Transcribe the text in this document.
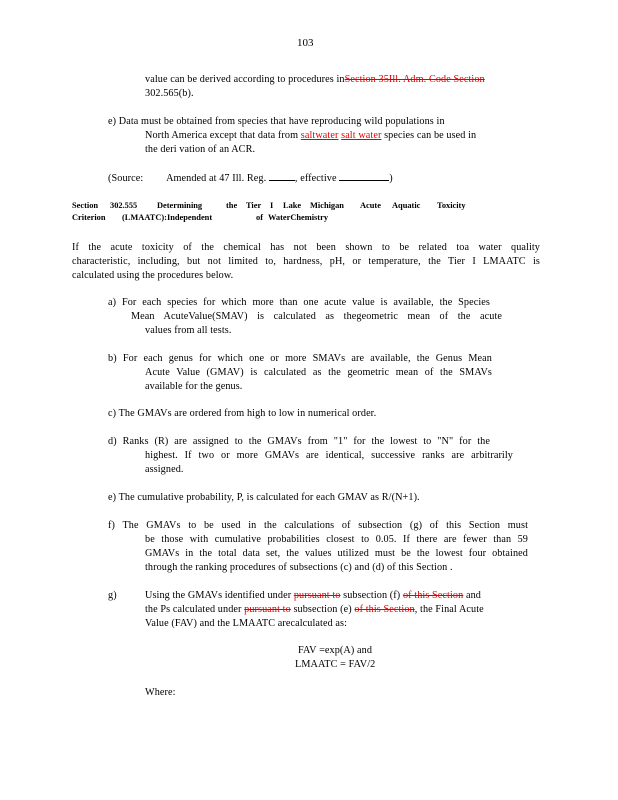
103
value can be derived according to procedures inSection 35Ill. Adm. Code Section
302.565(b).
e) Data must be obtained from species that have reproducing wild populations in
North America except that data from saltwater salt water species can be used in
the deri vation of an ACR.
(Source: Amended at 47 Ill. Reg.	, effective	)
Section 302.555 Determining	the Tier I Lake Michigan Acute Aquatic Toxicity
Criterion (LMAATC):Independent	of WaterChemistry
If the acute toxicity of the chemical has not been shown to be related toa water quality
characteristic, including, but not limited to, hardness, pH, or temperature, the Tier I LMAATC is
calculated using the procedures below.
a) For each species for which more than one acute value is available, the Species
Mean AcuteValue(SMAV) is calculated as thegeometric mean of the acute
values from all tests.
b) For each genus for which one or more SMAVs are available, the Genus Mean
Acute Value (GMAV) is calculated as the geometric mean of the SMAVs
available for the genus.
c) The GMAVs are ordered from high to low in numerical order.
d) Ranks (R) are assigned to the GMAVs from "1" for the lowest to "N" for the
highest. If two or more GMAVs are identical, successive ranks are arbitrarily
assigned.
e) The cumulative probability, P, is calculated for each GMAV as R/(N+1).
f) The GMAVs to be used in the calculations of subsection (g) of this Section must
be those with cumulative probabilities closest to 0.05. If there are fewer than 59
GMAVs in the total data set, the values utilized must be the lowest four obtained
through the ranking procedures of subsections (c) and (d) of this Section .
g)	Using the GMAVs identified under pursuant to subsection (f) of this Section and
the Ps calculated under pursuant to subsection (e) of this Section, the Final Acute
Value (FAV) and the LMAATC arecalculated as:
FAV =exp(A) and
LMAATC = FAV/2
Where:
